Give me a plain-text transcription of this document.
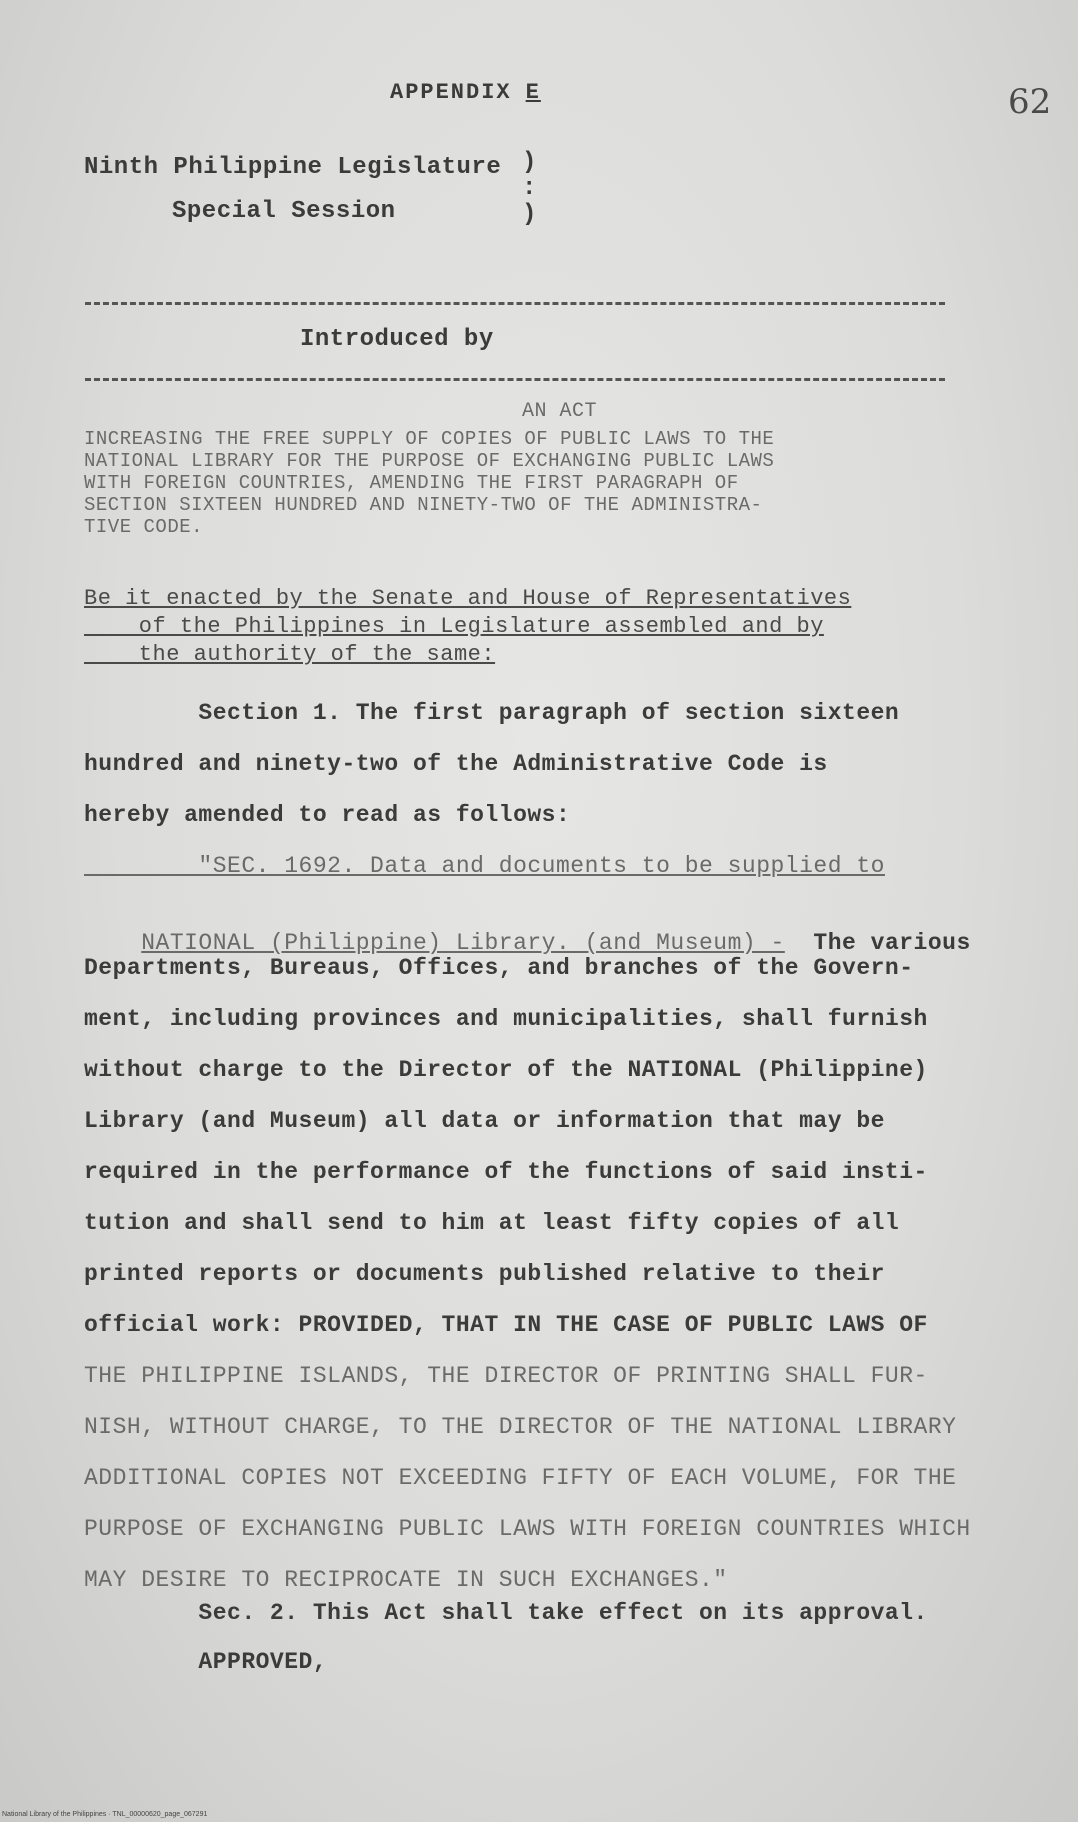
APPENDIX E	62
Ninth Philippine Legislature
Special Session
)
:
)
Introduced by
AN ACT
INCREASING THE FREE SUPPLY OF COPIES OF PUBLIC LAWS TO THE
NATIONAL LIBRARY FOR THE PURPOSE OF EXCHANGING PUBLIC LAWS
WITH FOREIGN COUNTRIES, AMENDING THE FIRST PARAGRAPH OF
SECTION SIXTEEN HUNDRED AND NINETY-TWO OF THE ADMINISTRA-
TIVE CODE.
Be it enacted by the Senate and House of Representatives
of the Philippines in Legislature assembled and by
the authority of the same:
Section 1. The first paragraph of section sixteen
hundred and ninety-two of the Administrative Code is
hereby amended to read as follows:
"SEC. 1692. Data and documents to be supplied to

NATIONAL (Philippine) Library. (and Museum) -  The various

Departments, Bureaus, Offices, and branches of the Govern-
ment, including provinces and municipalities, shall furnish
without charge to the Director of the NATIONAL (Philippine)
Library (and Museum) all data or information that may be
required in the performance of the functions of said insti-
tution and shall send to him at least fifty copies of all
printed reports or documents published relative to their
official work: PROVIDED, THAT IN THE CASE OF PUBLIC LAWS OF
THE PHILIPPINE ISLANDS, THE DIRECTOR OF PRINTING SHALL FUR-
NISH, WITHOUT CHARGE, TO THE DIRECTOR OF THE NATIONAL LIBRARY
ADDITIONAL COPIES NOT EXCEEDING FIFTY OF EACH VOLUME, FOR THE
PURPOSE OF EXCHANGING PUBLIC LAWS WITH FOREIGN COUNTRIES WHICH
MAY DESIRE TO RECIPROCATE IN SUCH EXCHANGES."
Sec. 2. This Act shall take effect on its approval.
APPROVED,
National Library of the Philippines · TNL_00000620_page_067291
